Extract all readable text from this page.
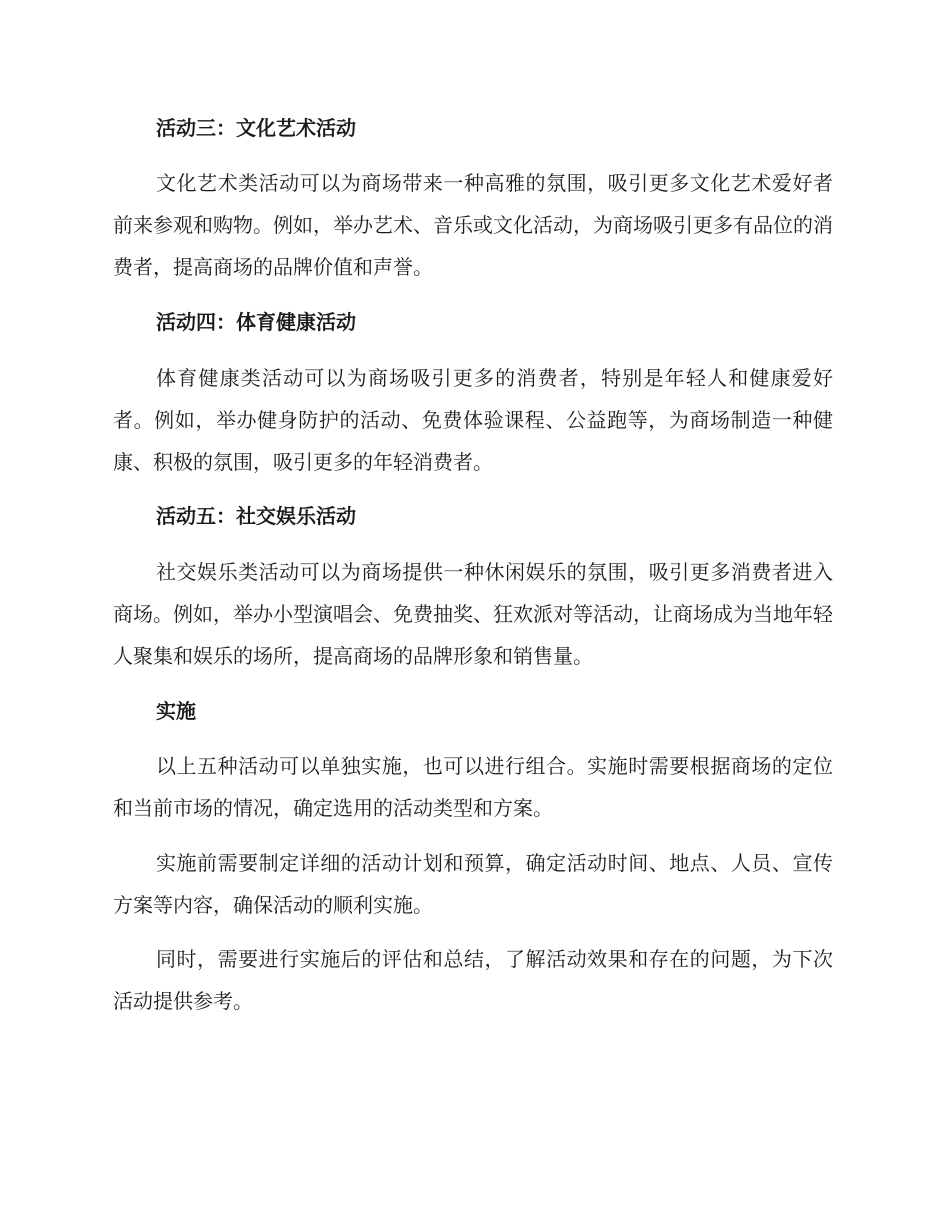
活动三：文化艺术活动

文化艺术类活动可以为商场带来一种高雅的氛围，吸引更多文化艺术爱好者前来参观和购物。例如，举办艺术、音乐或文化活动，为商场吸引更多有品位的消费者，提高商场的品牌价值和声誉。

活动四：体育健康活动

体育健康类活动可以为商场吸引更多的消费者，特别是年轻人和健康爱好者。例如，举办健身防护的活动、免费体验课程、公益跑等，为商场制造一种健康、积极的氛围，吸引更多的年轻消费者。

活动五：社交娱乐活动

社交娱乐类活动可以为商场提供一种休闲娱乐的氛围，吸引更多消费者进入商场。例如，举办小型演唱会、免费抽奖、狂欢派对等活动，让商场成为当地年轻人聚集和娱乐的场所，提高商场的品牌形象和销售量。

实施

以上五种活动可以单独实施，也可以进行组合。实施时需要根据商场的定位和当前市场的情况，确定选用的活动类型和方案。

实施前需要制定详细的活动计划和预算，确定活动时间、地点、人员、宣传方案等内容，确保活动的顺利实施。

同时，需要进行实施后的评估和总结，了解活动效果和存在的问题，为下次活动提供参考。
